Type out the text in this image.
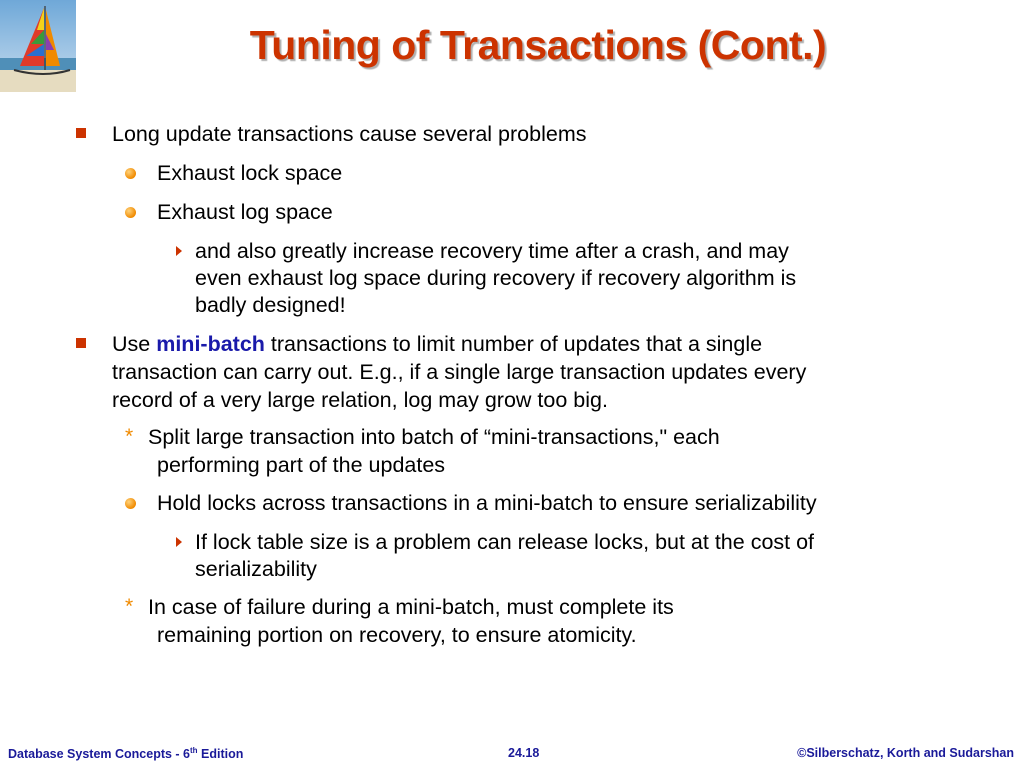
Tuning of Transactions (Cont.)
Long update transactions cause several problems
Exhaust lock space
Exhaust log space
and also greatly increase recovery time after a crash, and may
even exhaust log space during recovery if recovery algorithm is
badly designed!
Use mini-batch transactions to limit number of updates that a single
transaction can carry out. E.g., if a single large transaction updates every
record of a very large relation, log may grow too big.
* Split large transaction into batch of “mini-transactions," each
performing part of the updates
Hold locks across transactions in a mini-batch to ensure serializability
If lock table size is a problem can release locks, but at the cost of
serializability
* In case of failure during a mini-batch, must complete its
remaining portion on recovery, to ensure atomicity.
Database System Concepts - 6th Edition	24.18	©Silberschatz, Korth and Sudarshan
